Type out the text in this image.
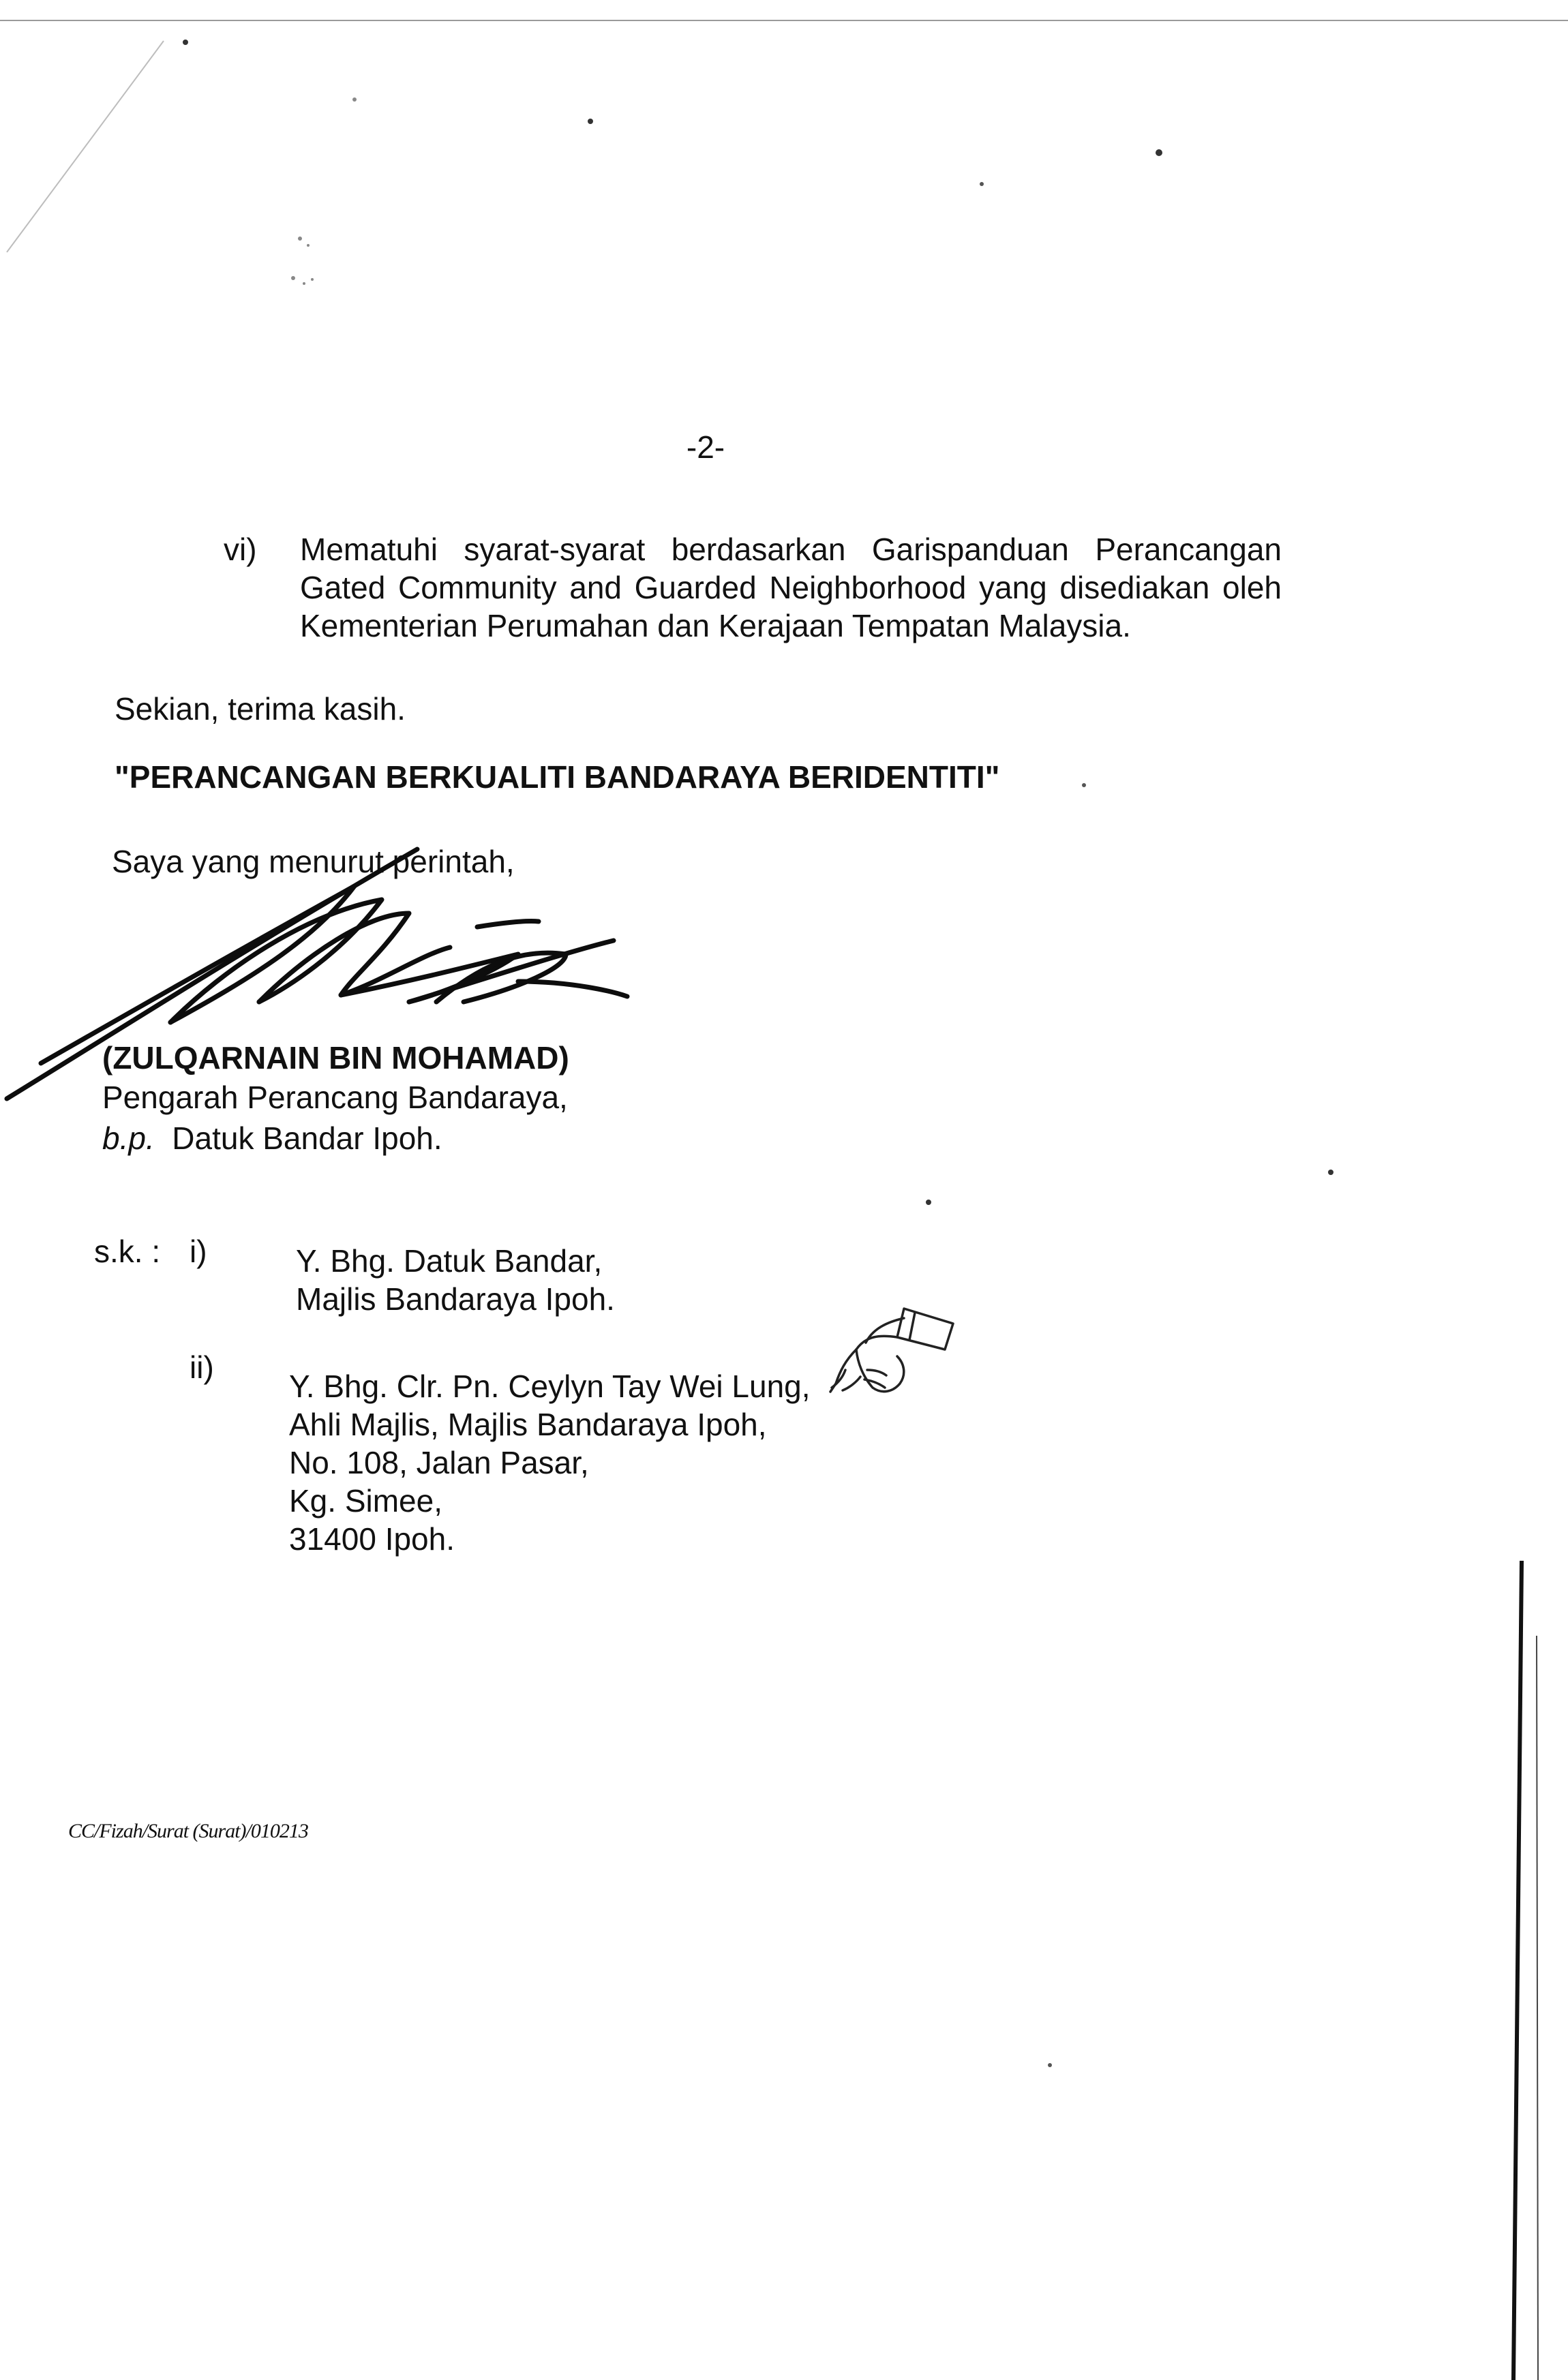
-2-
vi) Mematuhi syarat-syarat berdasarkan Garispanduan Perancangan Gated Community and Guarded Neighborhood yang disediakan oleh Kementerian Perumahan dan Kerajaan Tempatan Malaysia.
Sekian, terima kasih.
"PERANCANGAN BERKUALITI BANDARAYA BERIDENTITI"
Saya yang menurut perintah,
(ZULQARNAIN BIN MOHAMAD)
Pengarah Perancang Bandaraya,
b.p. Datuk Bandar Ipoh.
s.k. : i)	Y. Bhg. Datuk Bandar,
Majlis Bandaraya Ipoh.
ii)
Y. Bhg. Clr. Pn. Ceylyn Tay Wei Lung,
Ahli Majlis, Majlis Bandaraya Ipoh,
No. 108, Jalan Pasar,
Kg. Simee,
31400 Ipoh.
CC/Fizah/Surat (Surat)/010213
